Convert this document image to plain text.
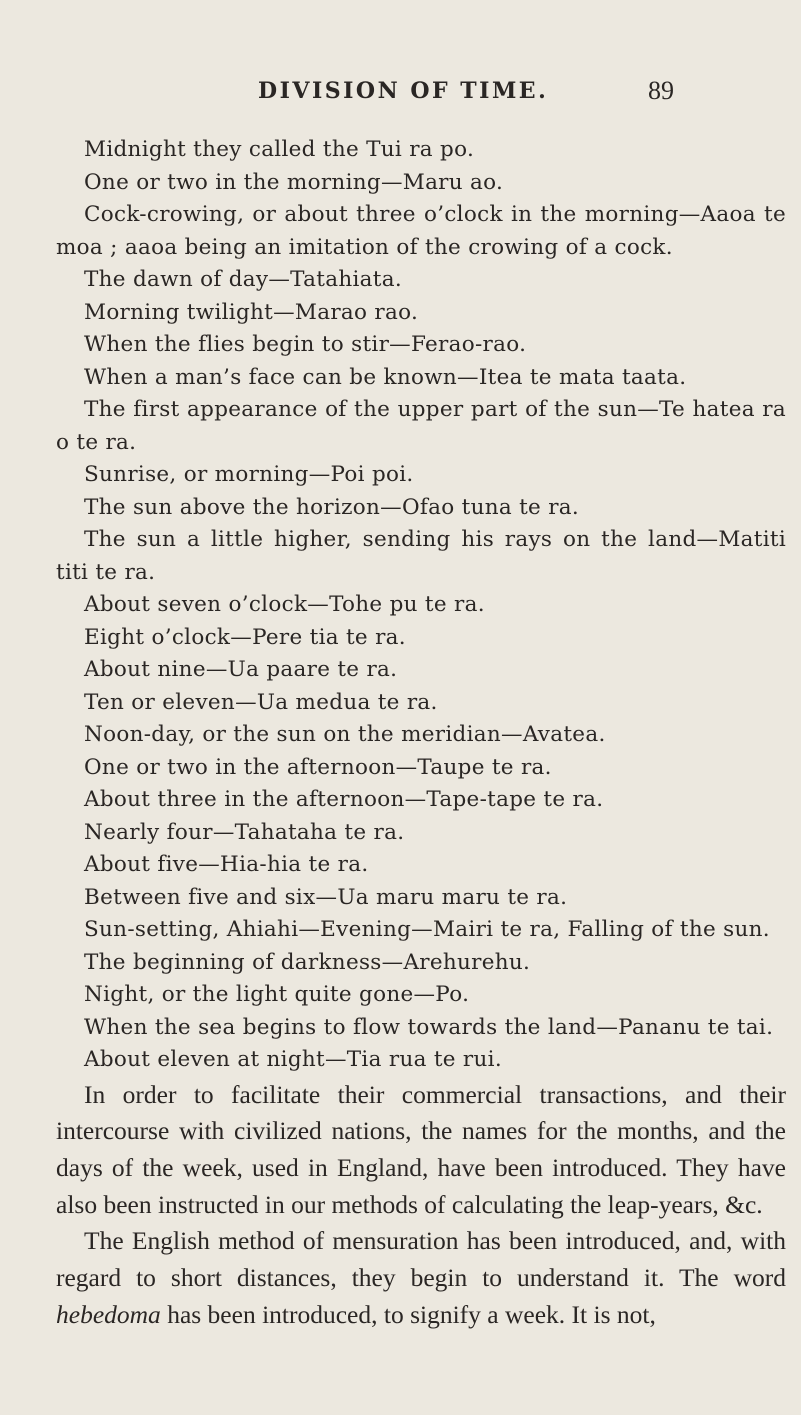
DIVISION OF TIME.	89
Midnight they called the Tui ra po.
One or two in the morning—Maru ao.
Cock-crowing, or about three o’clock in the morning—Aaoa te moa ; aaoa being an imitation of the crowing of a cock.
The dawn of day—Tatahiata.
Morning twilight—Marao rao.
When the flies begin to stir—Ferao-rao.
When a man’s face can be known—Itea te mata taata.
The first appearance of the upper part of the sun—Te hatea ra o te ra.
Sunrise, or morning—Poi poi.
The sun above the horizon—Ofao tuna te ra.
The sun a little higher, sending his rays on the land—Matiti titi te ra.
About seven o’clock—Tohe pu te ra.
Eight o’clock—Pere tia te ra.
About nine—Ua paare te ra.
Ten or eleven—Ua medua te ra.
Noon-day, or the sun on the meridian—Avatea.
One or two in the afternoon—Taupe te ra.
About three in the afternoon—Tape-tape te ra.
Nearly four—Tahataha te ra.
About five—Hia-hia te ra.
Between five and six—Ua maru maru te ra.
Sun-setting, Ahiahi—Evening—Mairi te ra, Falling of the sun.
The beginning of darkness—Arehurehu.
Night, or the light quite gone—Po.
When the sea begins to flow towards the land—Pananu te tai.
About eleven at night—Tia rua te rui.

In order to facilitate their commercial transactions, and their intercourse with civilized nations, the names for the months, and the days of the week, used in England, have been introduced. They have also been instructed in our methods of calculating the leap-years, &c.

The English method of mensuration has been introduced, and, with regard to short distances, they begin to understand it. The word hebedoma has been introduced, to signify a week. It is not,
